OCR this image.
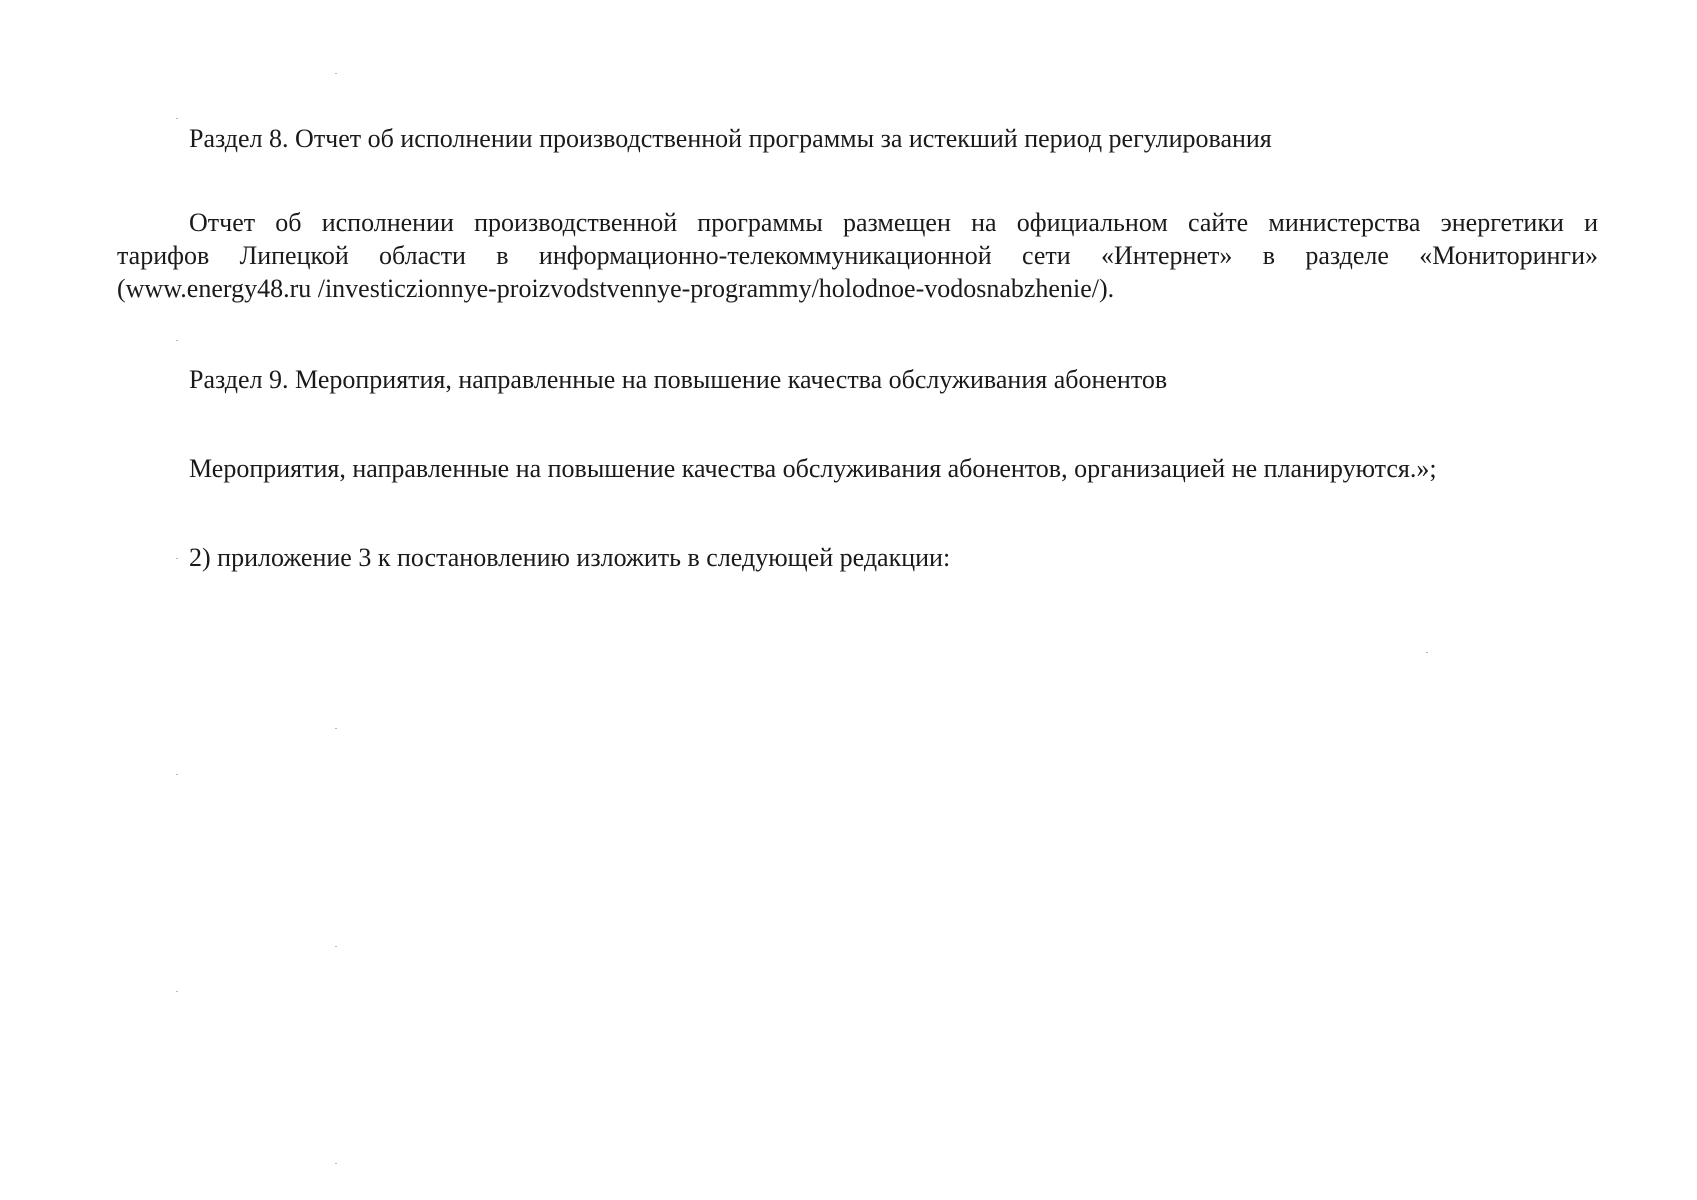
Раздел 8. Отчет об исполнении производственной программы за истекший период регулирования
Отчет об исполнении производственной программы размещен на официальном сайте министерства энергетики и
тарифов Липецкой области в информационно-телекоммуникационной сети «Интернет» в разделе «Мониторинги»
(www.energy48.ru /investiczionnye-proizvodstvennye-programmy/holodnoe-vodosnabzhenie/).
Раздел 9. Мероприятия, направленные на повышение качества обслуживания абонентов
Мероприятия, направленные на повышение качества обслуживания абонентов, организацией не планируются.»;
2) приложение 3 к постановлению изложить в следующей редакции:
